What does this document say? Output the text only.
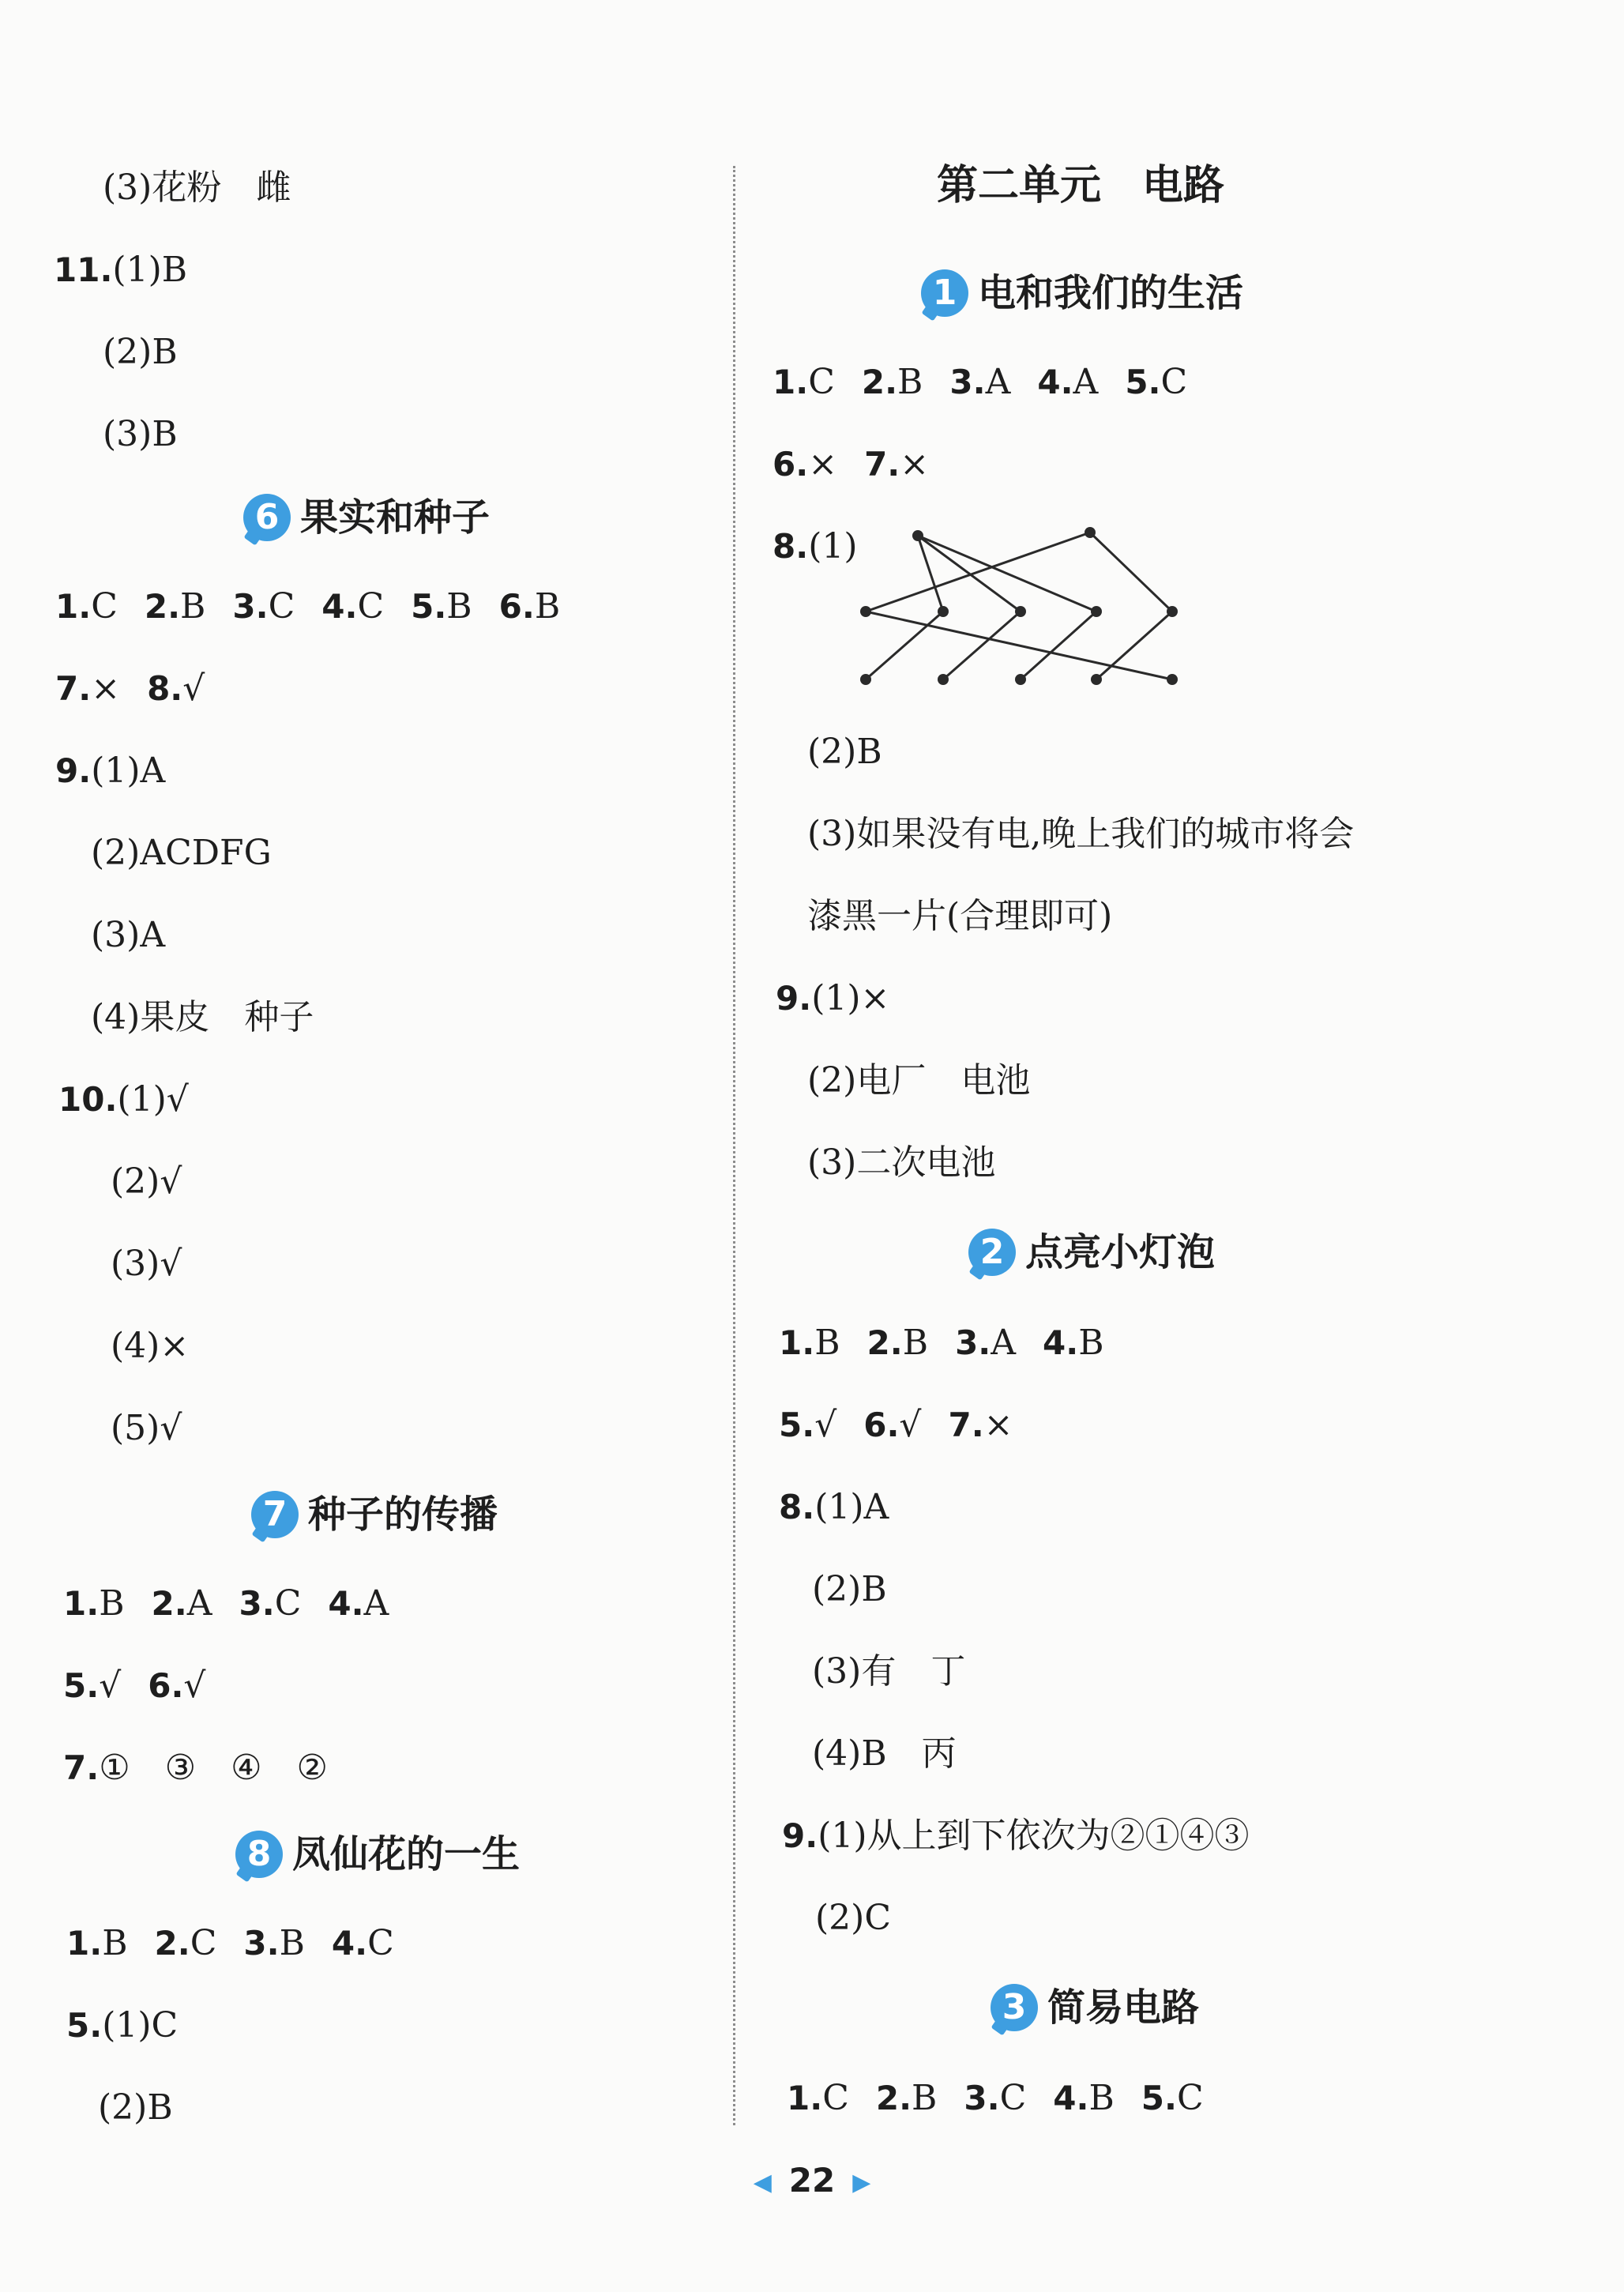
(3)花粉　雌
11.(1)B
(2)B
(3)B
6 果实和种子
1.C 2.B 3.C 4.C 5.B 6.B
7.× 8.√
9.(1)A
(2)ACDFG
(3)A
(4)果皮　种子
10.(1)√
(2)√
(3)√
(4)×
(5)√
7 种子的传播
1.B 2.A 3.C 4.A
5.√ 6.√
7.①　③　④　②
8 凤仙花的一生
1.B 2.C 3.B 4.C
5.(1)C
(2)B
第二单元　电路
1 电和我们的生活
1.C 2.B 3.A 4.A 5.C
6.× 7.×
8.(1)
(2)B
(3)如果没有电,晚上我们的城市将会
漆黑一片(合理即可)
9.(1)×
(2)电厂　电池
(3)二次电池
2 点亮小灯泡
1.B 2.B 3.A 4.B
5.√ 6.√ 7.×
8.(1)A
(2)B
(3)有　丁
(4)B　丙
9.(1)从上到下依次为②①④③
(2)C
3 简易电路
1.C 2.B 3.C 4.B 5.C
◀ 22 ▶
